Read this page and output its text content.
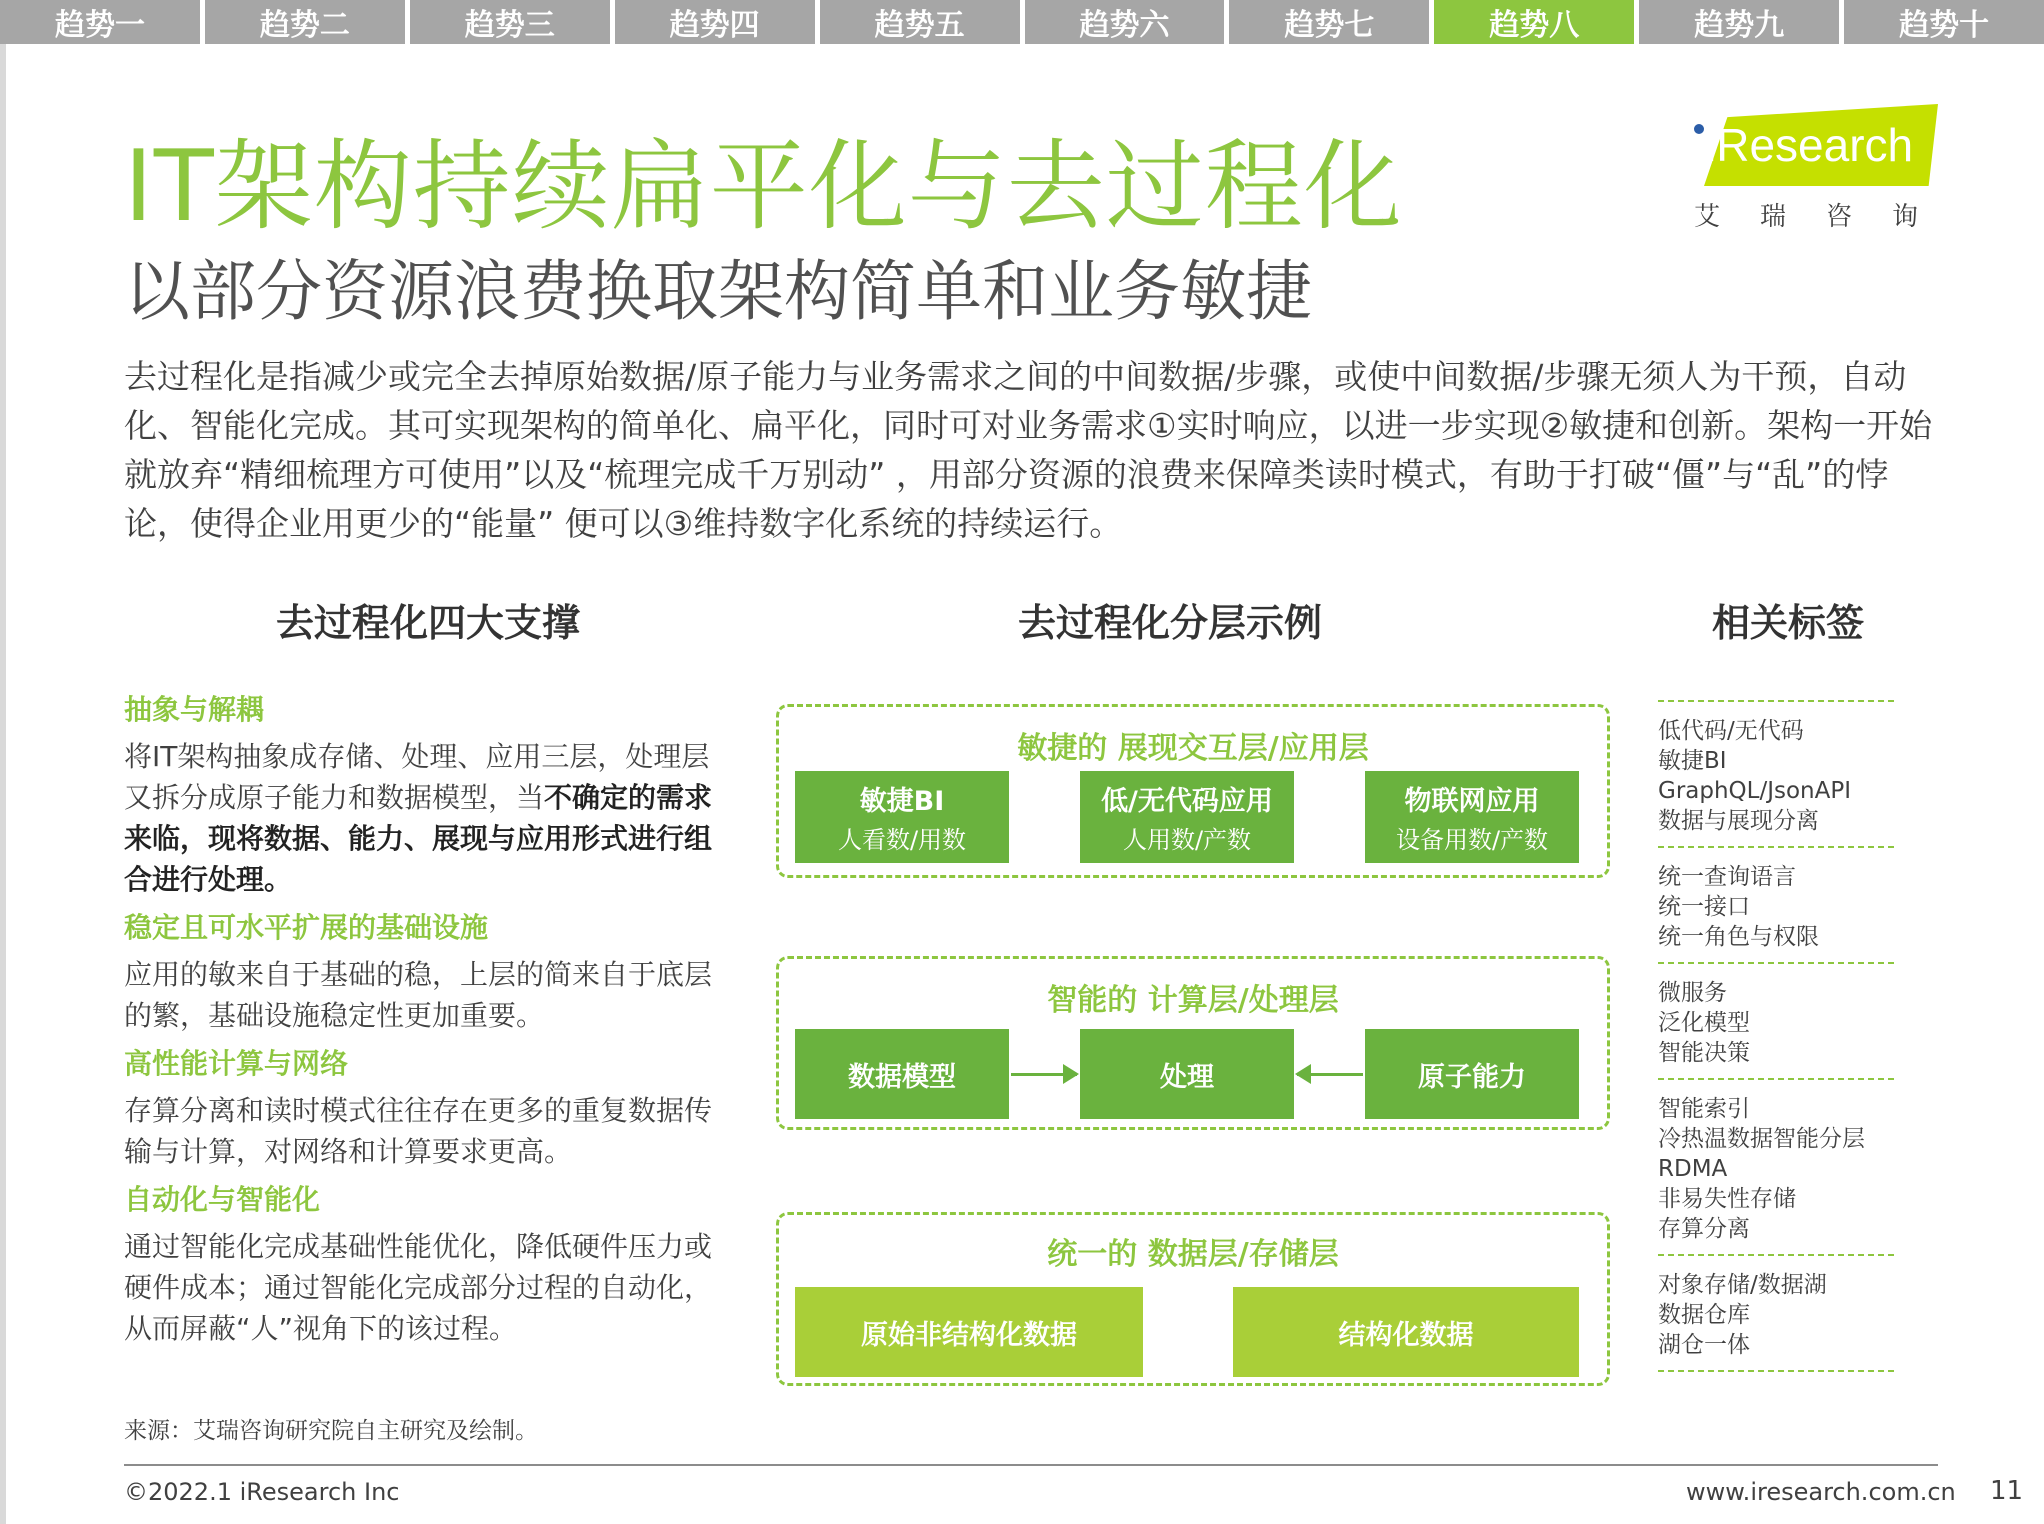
趋势一	趋势二	趋势三	趋势四	趋势五	趋势六	趋势七	趋势八	趋势九	趋势十
IT架构持续扁平化与去过程化
以部分资源浪费换取架构简单和业务敏捷
iResearch
艾瑞咨询
去过程化是指减少或完全去掉原始数据/原子能力与业务需求之间的中间数据/步骤，或使中间数据/步骤无须人为干预，自动化、智能化完成。其可实现架构的简单化、扁平化，同时可对业务需求①实时响应，以进一步实现②敏捷和创新。架构一开始就放弃“精细梳理方可使用”以及“梳理完成千万别动” ，用部分资源的浪费来保障类读时模式，有助于打破“僵”与“乱”的悖论，使得企业用更少的“能量” 便可以③维持数字化系统的持续运行。
去过程化四大支撑	去过程化分层示例	相关标签
抽象与解耦
将IT架构抽象成存储、处理、应用三层，处理层又拆分成原子能力和数据模型，当不确定的需求来临，现将数据、能力、展现与应用形式进行组合进行处理。
稳定且可水平扩展的基础设施
应用的敏来自于基础的稳，上层的简来自于底层的繁，基础设施稳定性更加重要。
高性能计算与网络
存算分离和读时模式往往存在更多的重复数据传输与计算，对网络和计算要求更高。
自动化与智能化
通过智能化完成基础性能优化，降低硬件压力或硬件成本；通过智能化完成部分过程的自动化，从而屏蔽“人”视角下的该过程。
敏捷的 展现交互层/应用层
敏捷BI
人看数/用数
低/无代码应用
人用数/产数
物联网应用
设备用数/产数
智能的 计算层/处理层
数据模型	处理	原子能力
统一的 数据层/存储层
原始非结构化数据	结构化数据
低代码/无代码
敏捷BI
GraphQL/JsonAPI
数据与展现分离
统一查询语言
统一接口
统一角色与权限
微服务
泛化模型
智能决策
智能索引
冷热温数据智能分层
RDMA
非易失性存储
存算分离
对象存储/数据湖
数据仓库
湖仓一体
来源：艾瑞咨询研究院自主研究及绘制。
©2022.1 iResearch Inc	www.iresearch.com.cn 11
